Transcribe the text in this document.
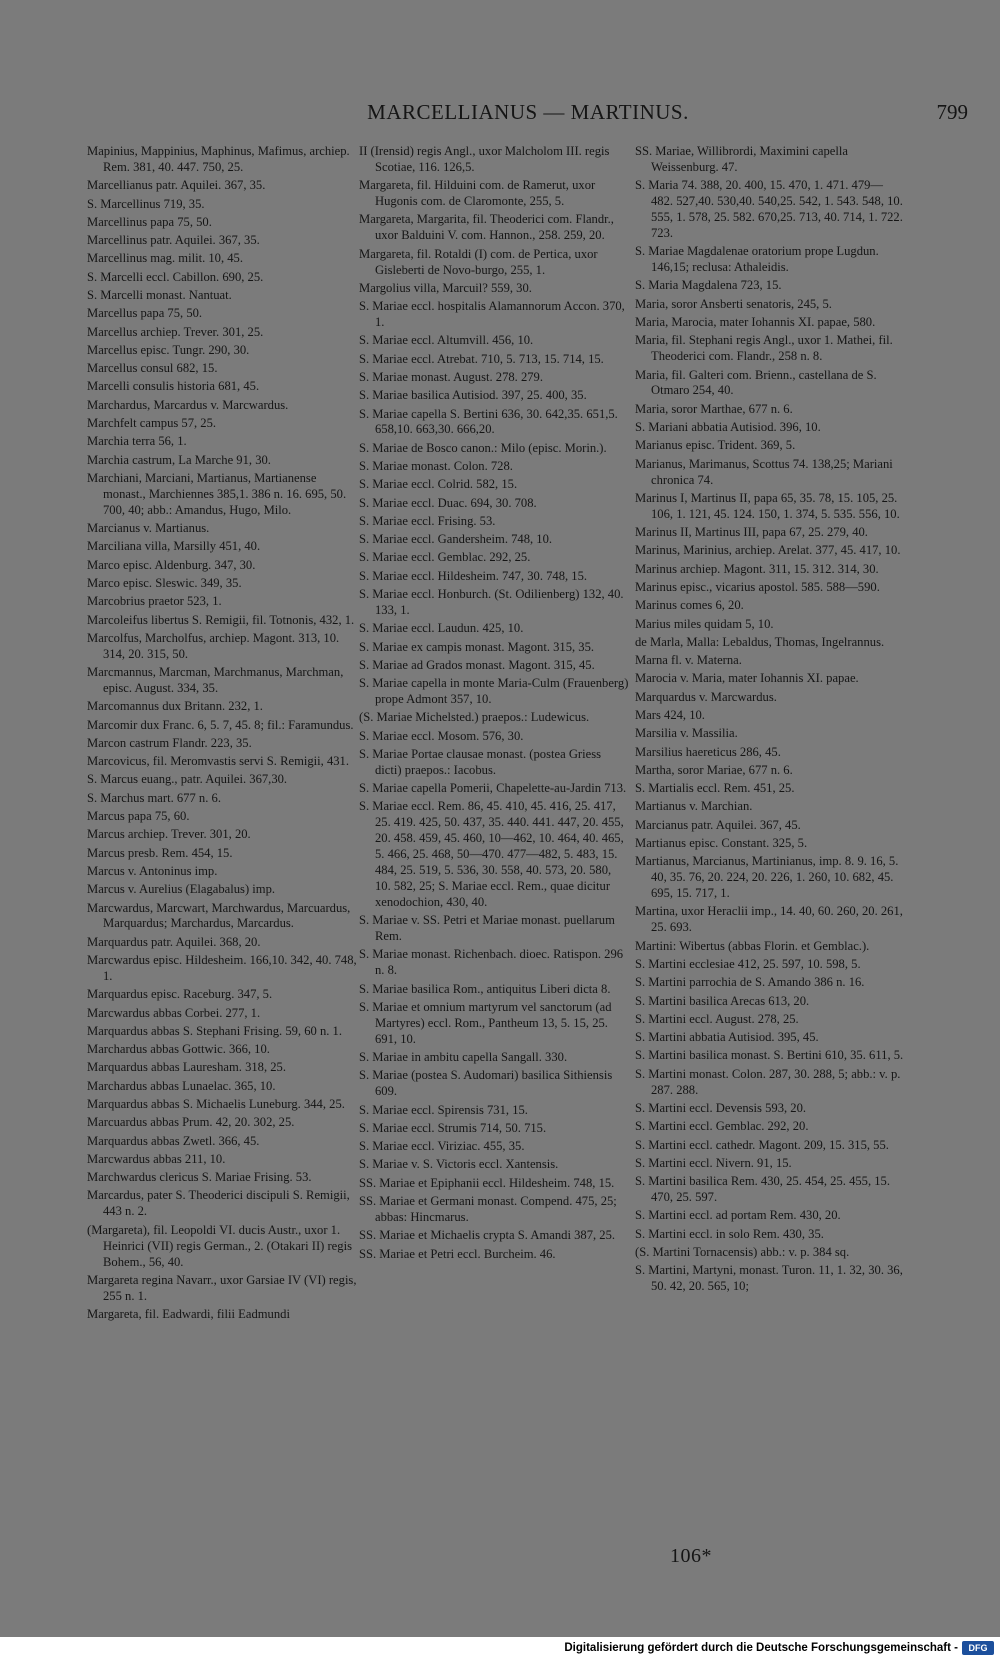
MARCELLIANUS — MARTINUS.	799
Mapinius, Mappinius, Maphinus, Mafimus, archiep. Rem. 381, 40. 447. 750, 25.
Marcellianus patr. Aquilei. 367, 35.
S. Marcellinus 719, 35.
Marcellinus papa 75, 50.
Marcellinus patr. Aquilei. 367, 35.
Marcellinus mag. milit. 10, 45.
S. Marcelli eccl. Cabillon. 690, 25.
S. Marcelli monast. Nantuat.
Marcellus papa 75, 50.
Marcellus archiep. Trever. 301, 25.
Marcellus episc. Tungr. 290, 30.
Marcellus consul 682, 15.
Marcelli consulis historia 681, 45.
Marchardus, Marcardus v. Marcwardus.
Marchfelt campus 57, 25.
Marchia terra 56, 1.
Marchia castrum, La Marche 91, 30.
Marchiani, Marciani, Martianus, Martianense monast., Marchiennes 385,1. 386 n. 16. 695, 50. 700, 40; abb.: Amandus, Hugo, Milo.
Marcianus v. Martianus.
Marciliana villa, Marsilly 451, 40.
Marco episc. Aldenburg. 347, 30.
Marco episc. Sleswic. 349, 35.
Marcobrius praetor 523, 1.
Marcoleifus libertus S. Remigii, fil. Totnonis, 432, 1.
Marcolfus, Marcholfus, archiep. Magont. 313, 10. 314, 20. 315, 50.
Marcmannus, Marcman, Marchmanus, Marchman, episc. August. 334, 35.
Marcomannus dux Britann. 232, 1.
Marcomir dux Franc. 6, 5. 7, 45. 8; fil.: Faramundus.
Marcon castrum Flandr. 223, 35.
Marcovicus, fil. Meromvastis servi S. Remigii, 431.
S. Marcus euang., patr. Aquilei. 367,30.
S. Marchus mart. 677 n. 6.
Marcus papa 75, 60.
Marcus archiep. Trever. 301, 20.
Marcus presb. Rem. 454, 15.
Marcus v. Antoninus imp.
Marcus v. Aurelius (Elagabalus) imp.
Marcwardus, Marcwart, Marchwardus, Marcuardus, Marquardus; Marchardus, Marcardus.
Marquardus patr. Aquilei. 368, 20.
Marcwardus episc. Hildesheim. 166,10. 342, 40. 748, 1.
Marquardus episc. Raceburg. 347, 5.
Marcwardus abbas Corbei. 277, 1.
Marquardus abbas S. Stephani Frising. 59, 60 n. 1.
Marchardus abbas Gottwic. 366, 10.
Marquardus abbas Lauresham. 318, 25.
Marchardus abbas Lunaelac. 365, 10.
Marquardus abbas S. Michaelis Luneburg. 344, 25.
Marcuardus abbas Prum. 42, 20. 302, 25.
Marquardus abbas Zwetl. 366, 45.
Marcwardus abbas 211, 10.
Marchwardus clericus S. Mariae Frising. 53.
Marcardus, pater S. Theoderici discipuli S. Remigii, 443 n. 2.
(Margareta), fil. Leopoldi VI. ducis Austr., uxor 1. Heinrici (VII) regis German., 2. (Otakari II) regis Bohem., 56, 40.
Margareta regina Navarr., uxor Garsiae IV (VI) regis, 255 n. 1.
Margareta, fil. Eadwardi, filii Eadmundi
II (Irensid) regis Angl., uxor Malcholom III. regis Scotiae, 116. 126,5.
Margareta, fil. Hilduini com. de Ramerut, uxor Hugonis com. de Claromonte, 255, 5.
Margareta, Margarita, fil. Theoderici com. Flandr., uxor Balduini V. com. Hannon., 258. 259, 20.
Margareta, fil. Rotaldi (I) com. de Pertica, uxor Gisleberti de Novo-burgo, 255, 1.
Margolius villa, Marcuil? 559, 30.
S. Mariae eccl. hospitalis Alamannorum Accon. 370, 1.
S. Mariae eccl. Altumvill. 456, 10.
S. Mariae eccl. Atrebat. 710, 5. 713, 15. 714, 15.
S. Mariae monast. August. 278. 279.
S. Mariae basilica Autisiod. 397, 25. 400, 35.
S. Mariae capella S. Bertini 636, 30. 642,35. 651,5. 658,10. 663,30. 666,20.
S. Mariae de Bosco canon.: Milo (episc. Morin.).
S. Mariae monast. Colon. 728.
S. Mariae eccl. Colrid. 582, 15.
S. Mariae eccl. Duac. 694, 30. 708.
S. Mariae eccl. Frising. 53.
S. Mariae eccl. Gandersheim. 748, 10.
S. Mariae eccl. Gemblac. 292, 25.
S. Mariae eccl. Hildesheim. 747, 30. 748, 15.
S. Mariae eccl. Honburch. (St. Odilienberg) 132, 40. 133, 1.
S. Mariae eccl. Laudun. 425, 10.
S. Mariae ex campis monast. Magont. 315, 35.
S. Mariae ad Grados monast. Magont. 315, 45.
S. Mariae capella in monte Maria-Culm (Frauenberg) prope Admont 357, 10.
(S. Mariae Michelsted.) praepos.: Ludewicus.
S. Mariae eccl. Mosom. 576, 30.
S. Mariae Portae clausae monast. (postea Griess dicti) praepos.: Iacobus.
S. Mariae capella Pomerii, Chapelette-au-Jardin 713.
S. Mariae eccl. Rem. 86, 45. 410, 45. 416, 25. 417, 25. 419. 425, 50. 437, 35. 440. 441. 447, 20. 455, 20. 458. 459, 45. 460, 10—462, 10. 464, 40. 465, 5. 466, 25. 468, 50—470. 477—482, 5. 483, 15. 484, 25. 519, 5. 536, 30. 558, 40. 573, 20. 580, 10. 582, 25; S. Mariae eccl. Rem., quae dicitur xenodochion, 430, 40.
S. Mariae v. SS. Petri et Mariae monast. puellarum Rem.
S. Mariae monast. Richenbach. dioec. Ratispon. 296 n. 8.
S. Mariae basilica Rom., antiquitus Liberi dicta 8.
S. Mariae et omnium martyrum vel sanctorum (ad Martyres) eccl. Rom., Pantheum 13, 5. 15, 25. 691, 10.
S. Mariae in ambitu capella Sangall. 330.
S. Mariae (postea S. Audomari) basilica Sithiensis 609.
S. Mariae eccl. Spirensis 731, 15.
S. Mariae eccl. Strumis 714, 50. 715.
S. Mariae eccl. Viriziac. 455, 35.
S. Mariae v. S. Victoris eccl. Xantensis.
SS. Mariae et Epiphanii eccl. Hildesheim. 748, 15.
SS. Mariae et Germani monast. Compend. 475, 25; abbas: Hincmarus.
SS. Mariae et Michaelis crypta S. Amandi 387, 25.
SS. Mariae et Petri eccl. Burcheim. 46.
SS. Mariae, Willibrordi, Maximini capella Weissenburg. 47.
S. Maria 74. 388, 20. 400, 15. 470, 1. 471. 479—482. 527,40. 530,40. 540,25. 542, 1. 543. 548, 10. 555, 1. 578, 25. 582. 670,25. 713, 40. 714, 1. 722. 723.
S. Mariae Magdalenae oratorium prope Lugdun. 146,15; reclusa: Athaleidis.
S. Maria Magdalena 723, 15.
Maria, soror Ansberti senatoris, 245, 5.
Maria, Marocia, mater Iohannis XI. papae, 580.
Maria, fil. Stephani regis Angl., uxor 1. Mathei, fil. Theoderici com. Flandr., 258 n. 8.
Maria, fil. Galteri com. Brienn., castellana de S. Otmaro 254, 40.
Maria, soror Marthae, 677 n. 6.
S. Mariani abbatia Autisiod. 396, 10.
Marianus episc. Trident. 369, 5.
Marianus, Marimanus, Scottus 74. 138,25; Mariani chronica 74.
Marinus I, Martinus II, papa 65, 35. 78, 15. 105, 25. 106, 1. 121, 45. 124. 150, 1. 374, 5. 535. 556, 10.
Marinus II, Martinus III, papa 67, 25. 279, 40.
Marinus, Marinius, archiep. Arelat. 377, 45. 417, 10.
Marinus archiep. Magont. 311, 15. 312. 314, 30.
Marinus episc., vicarius apostol. 585. 588—590.
Marinus comes 6, 20.
Marius miles quidam 5, 10.
de Marla, Malla: Lebaldus, Thomas, Ingelrannus.
Marna fl. v. Materna.
Marocia v. Maria, mater Iohannis XI. papae.
Marquardus v. Marcwardus.
Mars 424, 10.
Marsilia v. Massilia.
Marsilius haereticus 286, 45.
Martha, soror Mariae, 677 n. 6.
S. Martialis eccl. Rem. 451, 25.
Martianus v. Marchian.
Marcianus patr. Aquilei. 367, 45.
Martianus episc. Constant. 325, 5.
Martianus, Marcianus, Martinianus, imp. 8. 9. 16, 5. 40, 35. 76, 20. 224, 20. 226, 1. 260, 10. 682, 45. 695, 15. 717, 1.
Martina, uxor Heraclii imp., 14. 40, 60. 260, 20. 261, 25. 693.
Martini: Wibertus (abbas Florin. et Gemblac.).
S. Martini ecclesiae 412, 25. 597, 10. 598, 5.
S. Martini parrochia de S. Amando 386 n. 16.
S. Martini basilica Arecas 613, 20.
S. Martini eccl. August. 278, 25.
S. Martini abbatia Autisiod. 395, 45.
S. Martini basilica monast. S. Bertini 610, 35. 611, 5.
S. Martini monast. Colon. 287, 30. 288, 5; abb.: v. p. 287. 288.
S. Martini eccl. Devensis 593, 20.
S. Martini eccl. Gemblac. 292, 20.
S. Martini eccl. cathedr. Magont. 209, 15. 315, 55.
S. Martini eccl. Nivern. 91, 15.
S. Martini basilica Rem. 430, 25. 454, 25. 455, 15. 470, 25. 597.
S. Martini eccl. ad portam Rem. 430, 20.
S. Martini eccl. in solo Rem. 430, 35.
(S. Martini Tornacensis) abb.: v. p. 384 sq.
S. Martini, Martyni, monast. Turon. 11, 1. 32, 30. 36, 50. 42, 20. 565, 10;
106*
Digitalisierung gefördert durch die Deutsche Forschungsgemeinschaft -	DFG
